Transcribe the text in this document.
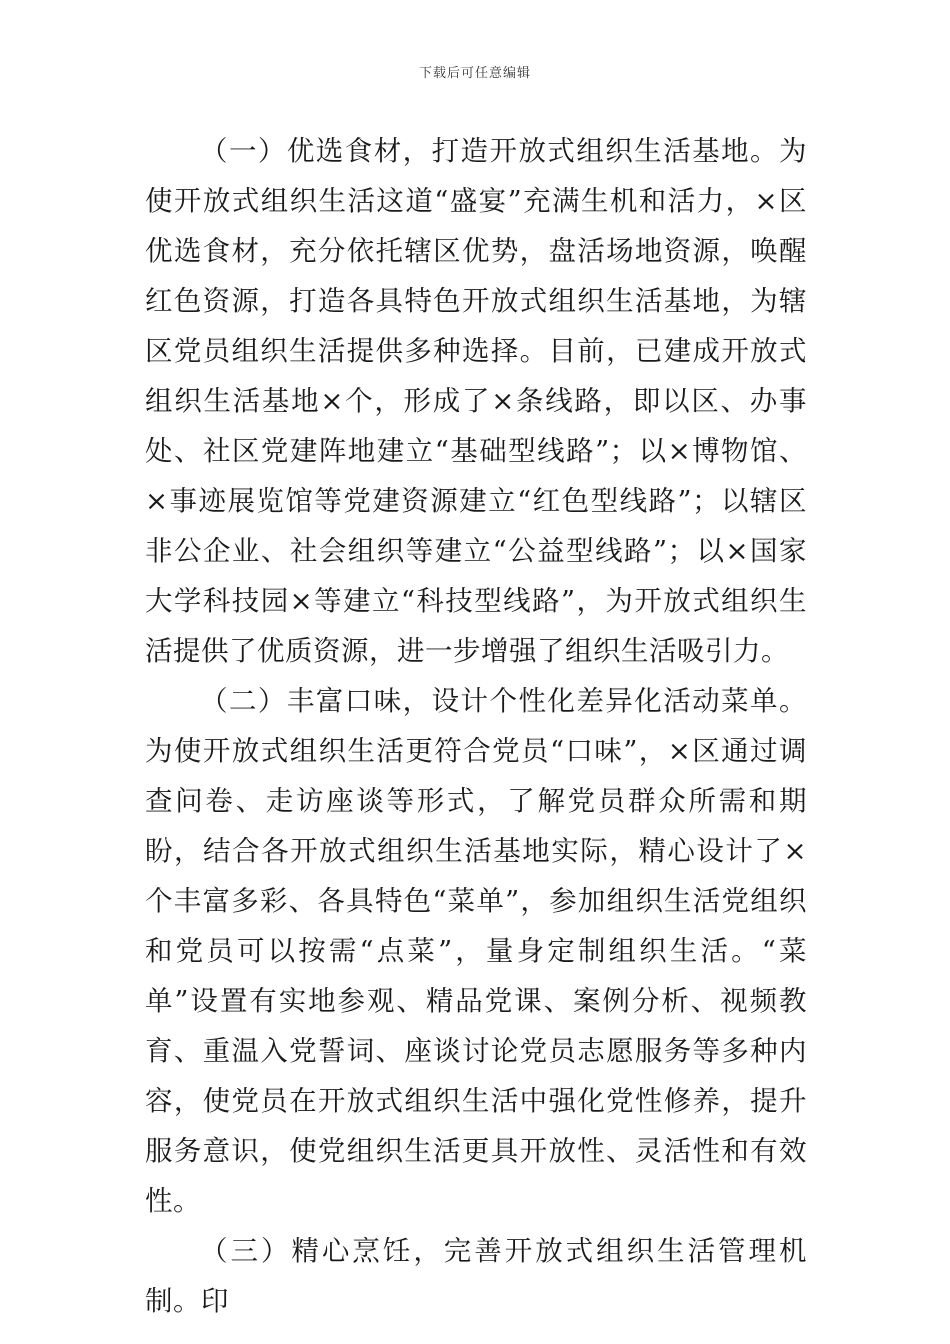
下载后可任意编辑

（一）优选食材，打造开放式组织生活基地。为使开放式组织生活这道“盛宴”充满生机和活力，×区优选食材，充分依托辖区优势，盘活场地资源，唤醒红色资源，打造各具特色开放式组织生活基地，为辖区党员组织生活提供多种选择。目前，已建成开放式组织生活基地×个，形成了×条线路，即以区、办事处、社区党建阵地建立“基础型线路”；以×博物馆、×事迹展览馆等党建资源建立“红色型线路”；以辖区非公企业、社会组织等建立“公益型线路”；以×国家大学科技园×等建立“科技型线路”，为开放式组织生活提供了优质资源，进一步增强了组织生活吸引力。

（二）丰富口味，设计个性化差异化活动菜单。为使开放式组织生活更符合党员“口味”，×区通过调查问卷、走访座谈等形式，了解党员群众所需和期盼，结合各开放式组织生活基地实际，精心设计了×个丰富多彩、各具特色“菜单”，参加组织生活党组织和党员可以按需“点菜”，量身定制组织生活。“菜单”设置有实地参观、精品党课、案例分析、视频教育、重温入党誓词、座谈讨论党员志愿服务等多种内容，使党员在开放式组织生活中强化党性修养，提升服务意识，使党组织生活更具开放性、灵活性和有效性。

（三）精心烹饪，完善开放式组织生活管理机制。印
